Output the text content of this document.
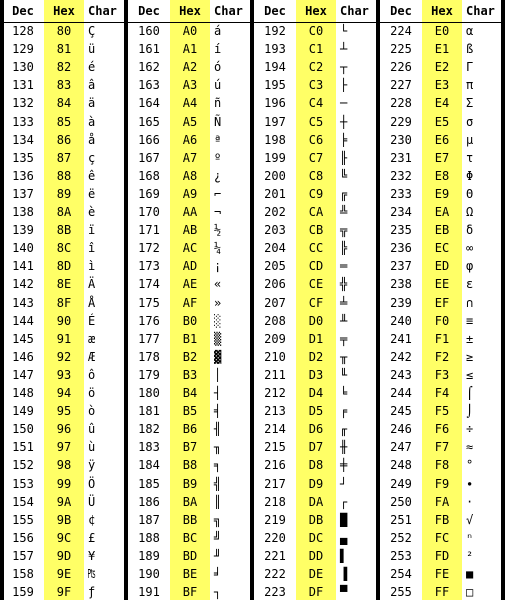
Dec	Hex	Char
128	80	Ç
129	81	ü
130	82	é
131	83	â
132	84	ä
133	85	à
134	86	å
135	87	ç
136	88	ê
137	89	ë
138	8A	è
139	8B	ï
140	8C	î
141	8D	ì
142	8E	Ä
143	8F	Å
144	90	É
145	91	æ
146	92	Æ
147	93	ô
148	94	ö
149	95	ò
150	96	û
151	97	ù
152	98	ÿ
153	99	Ö
154	9A	Ü
155	9B	¢
156	9C	£
157	9D	¥
158	9E	₧
159	9F	ƒ
Dec	Hex	Char
160	A0	á
161	A1	í
162	A2	ó
163	A3	ú
164	A4	ñ
165	A5	Ñ
166	A6	ª
167	A7	º
168	A8	¿
169	A9	⌐
170	AA	¬
171	AB	½
172	AC	¼
173	AD	¡
174	AE	«
175	AF	»
176	B0	░
177	B1	▒
178	B2	▓
179	B3	│
180	B4	┤
181	B5	╡
182	B6	╢
183	B7	╖
184	B8	╕
185	B9	╣
186	BA	║
187	BB	╗
188	BC	╝
189	BD	╜
190	BE	╛
191	BF	┐
Dec	Hex	Char
192	C0	└
193	C1	┴
194	C2	┬
195	C3	├
196	C4	─
197	C5	┼
198	C6	╞
199	C7	╟
200	C8	╚
201	C9	╔
202	CA	╩
203	CB	╦
204	CC	╠
205	CD	═
206	CE	╬
207	CF	╧
208	D0	╨
209	D1	╤
210	D2	╥
211	D3	╙
212	D4	╘
213	D5	╒
214	D6	╓
215	D7	╫
216	D8	╪
217	D9	┘
218	DA	┌
219	DB	█
220	DC	▄
221	DD	▌
222	DE	▐
223	DF	▀
Dec	Hex	Char
224	E0	α
225	E1	ß
226	E2	Γ
227	E3	π
228	E4	Σ
229	E5	σ
230	E6	µ
231	E7	τ
232	E8	Φ
233	E9	Θ
234	EA	Ω
235	EB	δ
236	EC	∞
237	ED	φ
238	EE	ε
239	EF	∩
240	F0	≡
241	F1	±
242	F2	≥
243	F3	≤
244	F4	⌠
245	F5	⌡
246	F6	÷
247	F7	≈
248	F8	°
249	F9	∙
250	FA	·
251	FB	√
252	FC	ⁿ
253	FD	²
254	FE	■
255	FF	□
